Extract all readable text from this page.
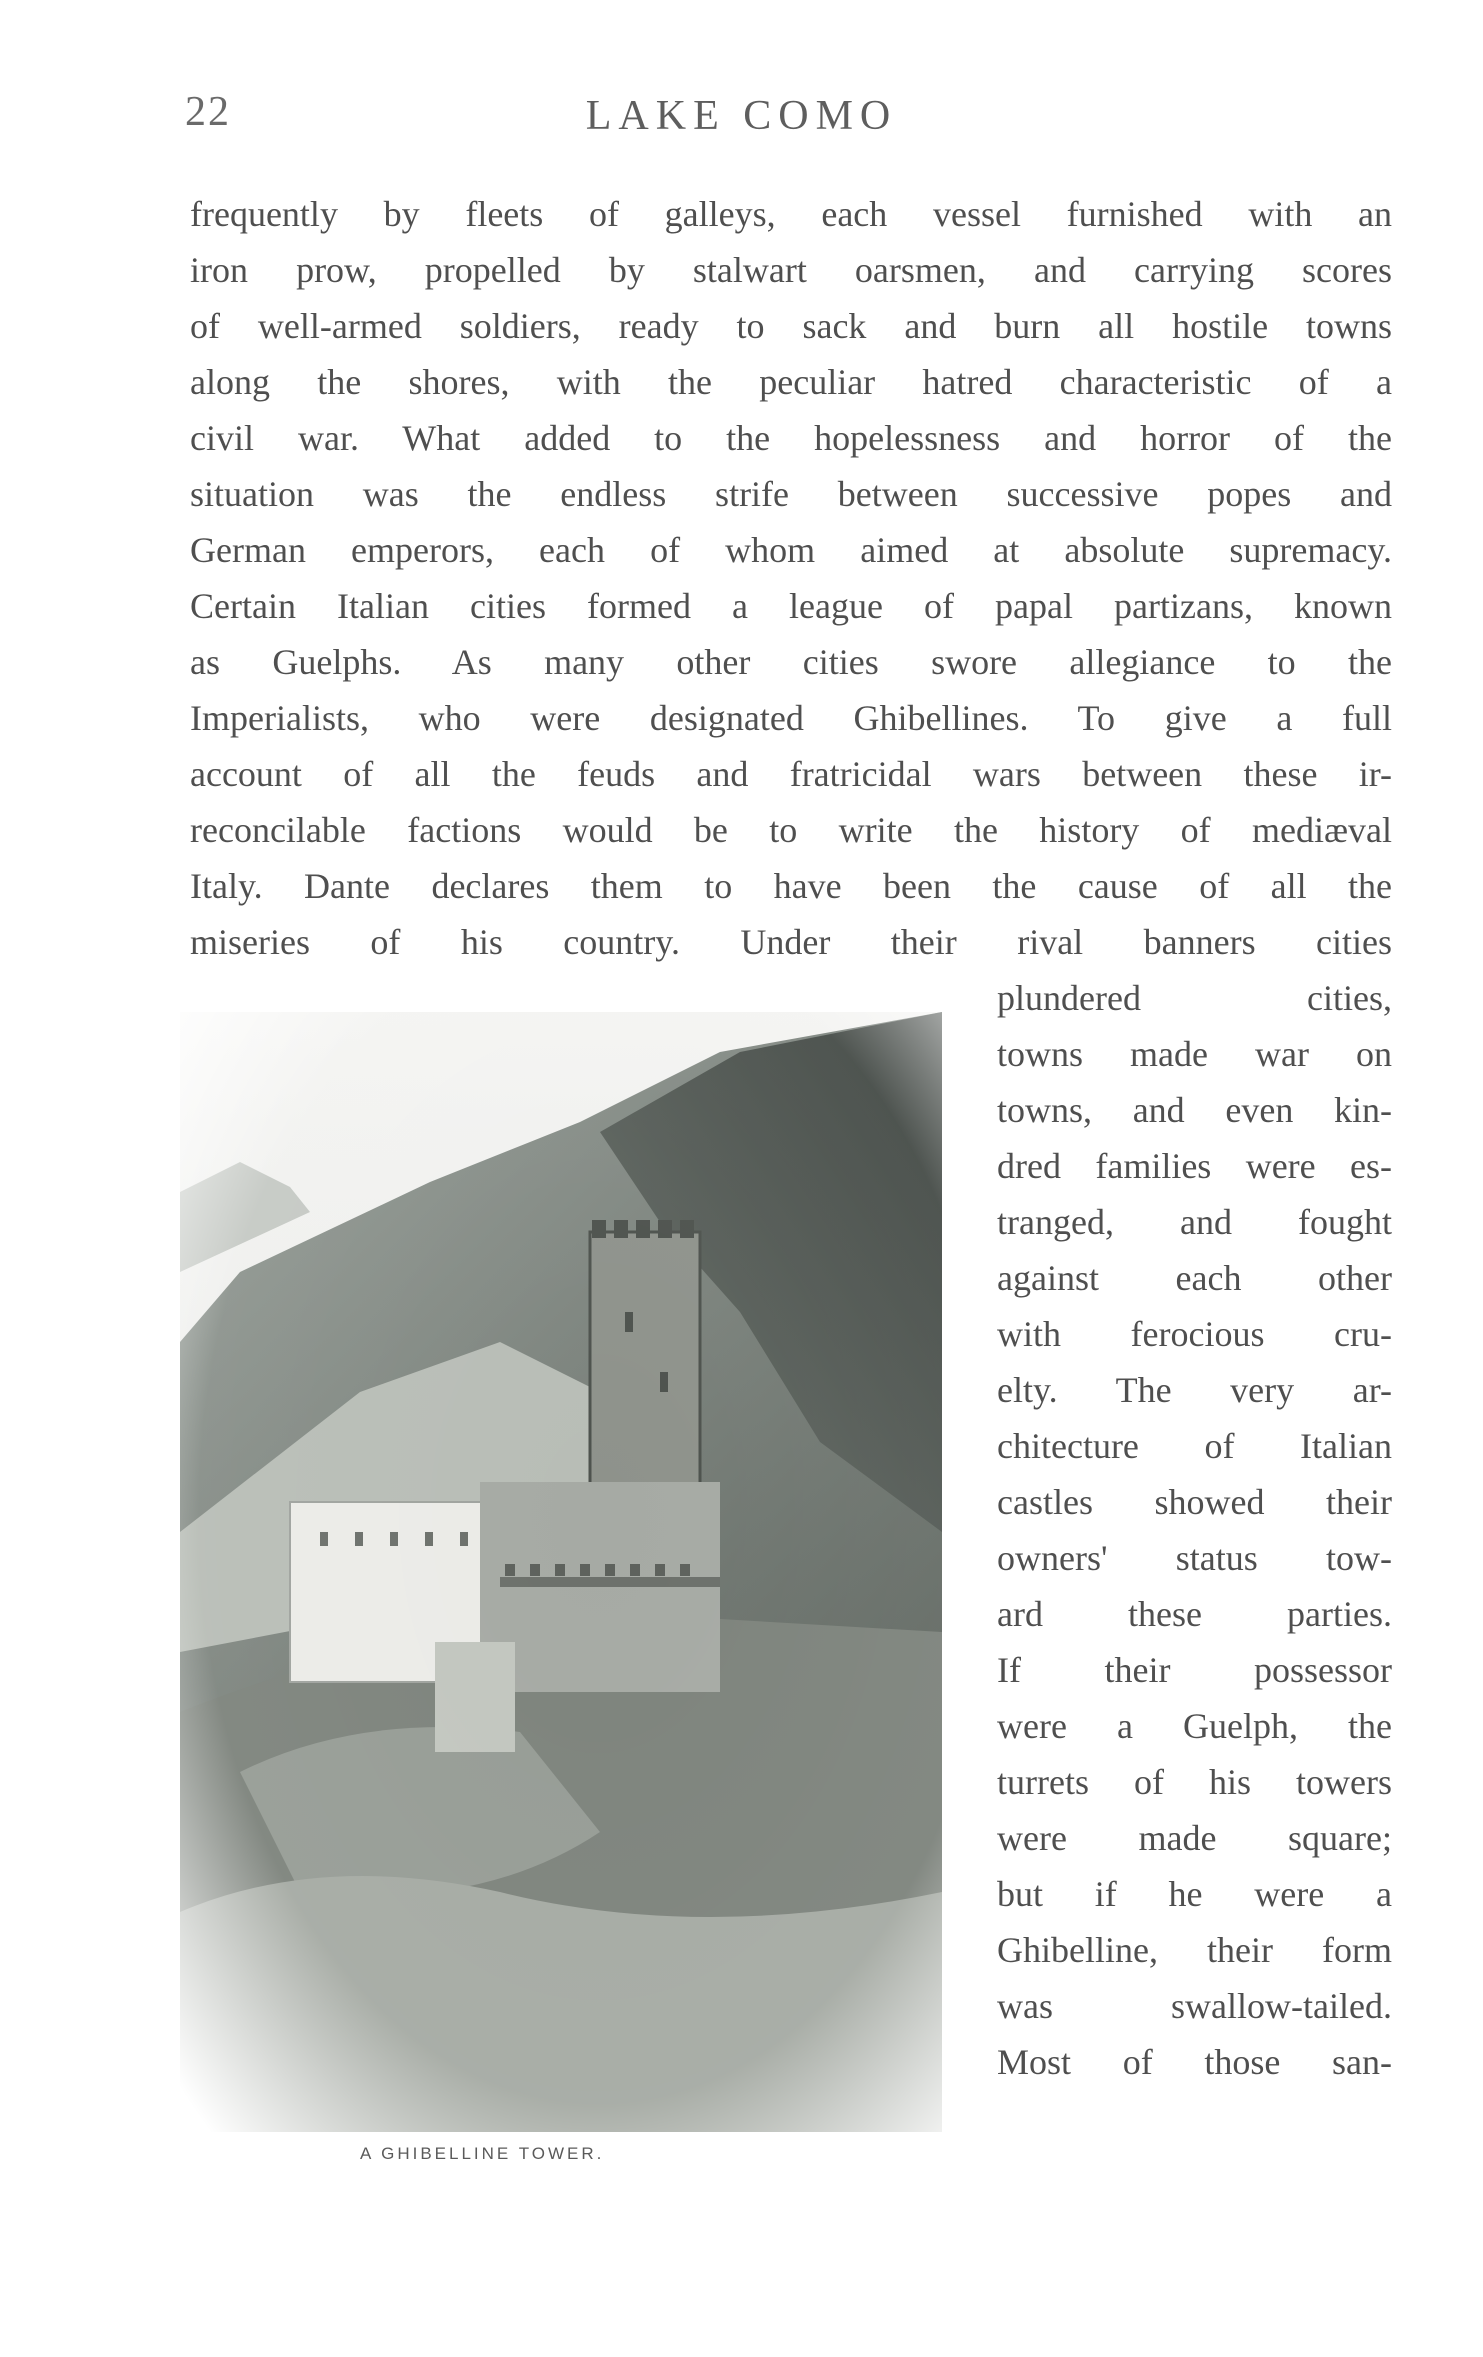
22	LAKE COMO
frequently by fleets of galleys, each vessel furnished with an
iron prow, propelled by stalwart oarsmen, and carrying scores
of well-armed soldiers, ready to sack and burn all hostile towns
along the shores, with the peculiar hatred characteristic of a
civil war. What added to the hopelessness and horror of the
situation was the endless strife between successive popes and
German emperors, each of whom aimed at absolute supremacy.
Certain Italian cities formed a league of papal partizans, known
as Guelphs. As many other cities swore allegiance to the
Imperialists, who were designated Ghibellines. To give a full
account of all the feuds and fratricidal wars between these ir-
reconcilable factions would be to write the history of mediæval
Italy. Dante declares them to have been the cause of all the
miseries of his country. Under their rival banners cities
plundered cities,
towns made war on
towns, and even kin-
dred families were es-
tranged, and fought
against each other
with ferocious cru-
elty. The very ar-
chitecture of Italian
castles showed their
owners' status tow-
ard these parties.
If their possessor
were a Guelph, the
turrets of his towers
were made square;
but if he were a
Ghibelline, their form
was swallow-tailed.
Most of those san-
A GHIBELLINE TOWER.
